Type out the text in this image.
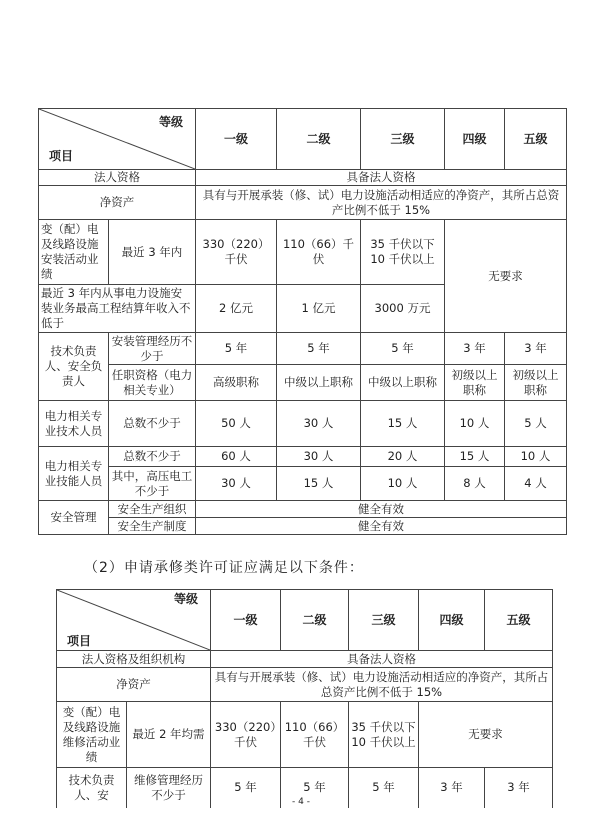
等级

项目		一级	二级	三级	四级	五级
法人资格		具备法人资格				
净资产		具有与开展承装（修、试）电力设施活动相适应的净资产，其所占总资产比例不低于 15%				
变（配）电及线路设施安装活动业绩	最近 3 年内	330（220）千伏	110（66）千伏	35 千伏以下 10 千伏以上	无要求	
最近 3 年内从事电力设施安装业务最高工程结算年收入不低于		2 亿元	1 亿元	3000 万元		
技术负责人、安全负责人	安装管理经历不少于	5 年	5 年	5 年	3 年	3 年
	任职资格（电力相关专业）	高级职称	中级以上职称	中级以上职称	初级以上职称	初级以上职称
电力相关专业技术人员	总数不少于	50 人	30 人	15 人	10 人	5 人
电力相关专业技能人员	总数不少于	60 人	30 人	20 人	15 人	10 人
	其中，高压电工不少于	30 人	15 人	10 人	8 人	4 人
安全管理	安全生产组织	健全有效				
	安全生产制度	健全有效				
（2）申请承修类许可证应满足以下条件：

等级

项目		一级	二级	三级	四级	五级
法人资格及组织机构		具备法人资格				
净资产		具有与开展承装（修、试）电力设施活动相适应的净资产，其所占总资产比例不低于 15%				
变（配）电及线路设施维修活动业绩	最近 2 年均需	330（220）千伏	110（66）千伏	35 千伏以下 10 千伏以上	无要求	
技术负责人、安	维修管理经历不少于	5 年	5 年	5 年	3 年	3 年
- 4 -
